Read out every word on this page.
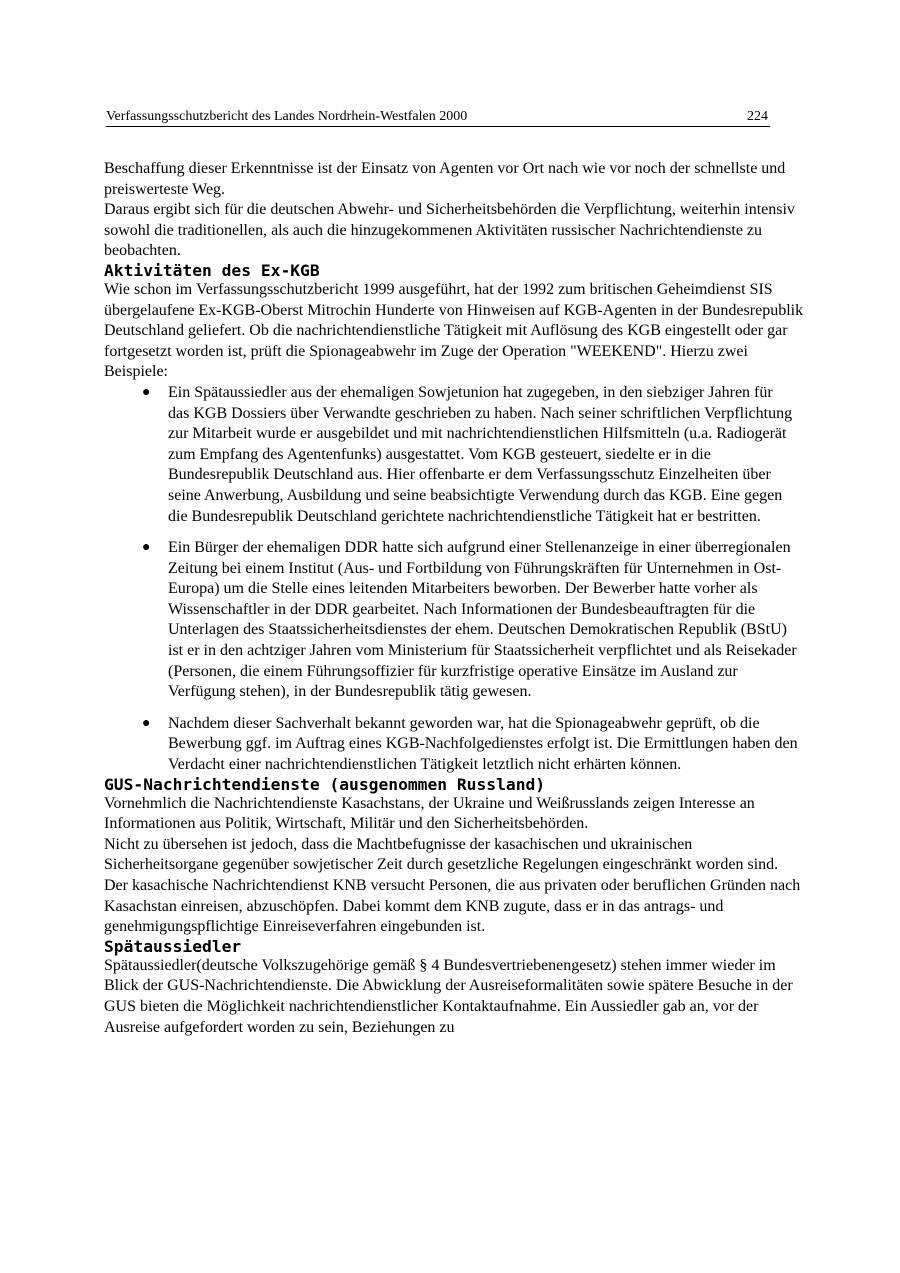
Verfassungsschutzbericht des Landes Nordrhein-Westfalen 2000	224

Beschaffung dieser Erkenntnisse ist der Einsatz von Agenten vor Ort nach wie vor noch der schnellste und preiswerteste Weg.

Daraus ergibt sich für die deutschen Abwehr- und Sicherheitsbehörden die Verpflichtung, weiterhin intensiv sowohl die traditionellen, als auch die hinzugekommenen Aktivitäten russischer Nachrichtendienste zu beobachten.

Aktivitäten des Ex-KGB

Wie schon im Verfassungsschutzbericht 1999 ausgeführt, hat der 1992 zum britischen Geheimdienst SIS übergelaufene Ex-KGB-Oberst Mitrochin Hunderte von Hinweisen auf KGB-Agenten in der Bundesrepublik Deutschland geliefert. Ob die nachrichtendienstliche Tätigkeit mit Auflösung des KGB eingestellt oder gar fortgesetzt worden ist, prüft die Spionageabwehr im Zuge der Operation "WEEKEND". Hierzu zwei Beispiele:

● Ein Spätaussiedler aus der ehemaligen Sowjetunion hat zugegeben, in den siebziger Jahren für das KGB Dossiers über Verwandte geschrieben zu haben. Nach seiner schriftlichen Verpflichtung zur Mitarbeit wurde er ausgebildet und mit nachrichtendienstlichen Hilfsmitteln (u.a. Radiogerät zum Empfang des Agentenfunks) ausgestattet. Vom KGB gesteuert, siedelte er in die Bundesrepublik Deutschland aus. Hier offenbarte er dem Verfassungsschutz Einzelheiten über seine Anwerbung, Ausbildung und seine beabsichtigte Verwendung durch das KGB. Eine gegen die Bundesrepublik Deutschland gerichtete nachrichtendienstliche Tätigkeit hat er bestritten.
● Ein Bürger der ehemaligen DDR hatte sich aufgrund einer Stellenanzeige in einer überregionalen Zeitung bei einem Institut (Aus- und Fortbildung von Führungskräften für Unternehmen in Ost-Europa) um die Stelle eines leitenden Mitarbeiters beworben. Der Bewerber hatte vorher als Wissenschaftler in der DDR gearbeitet. Nach Informationen der Bundesbeauftragten für die Unterlagen des Staatssicherheitsdienstes der ehem. Deutschen Demokratischen Republik (BStU) ist er in den achtziger Jahren vom Ministerium für Staatssicherheit verpflichtet und als Reisekader (Personen, die einem Führungsoffizier für kurzfristige operative Einsätze im Ausland zur Verfügung stehen), in der Bundesrepublik tätig gewesen.
● Nachdem dieser Sachverhalt bekannt geworden war, hat die Spionageabwehr geprüft, ob die Bewerbung ggf. im Auftrag eines KGB-Nachfolgedienstes erfolgt ist. Die Ermittlungen haben den Verdacht einer nachrichtendienstlichen Tätigkeit letztlich nicht erhärten können.
GUS-Nachrichtendienste (ausgenommen Russland)

Vornehmlich die Nachrichtendienste Kasachstans, der Ukraine und Weißrusslands zeigen Interesse an Informationen aus Politik, Wirtschaft, Militär und den Sicherheitsbehörden.

Nicht zu übersehen ist jedoch, dass die Machtbefugnisse der kasachischen und ukrainischen Sicherheitsorgane gegenüber sowjetischer Zeit durch gesetzliche Regelungen eingeschränkt worden sind.

Der kasachische Nachrichtendienst KNB versucht Personen, die aus privaten oder beruflichen Gründen nach Kasachstan einreisen, abzuschöpfen. Dabei kommt dem KNB zugute, dass er in das antrags- und genehmigungspflichtige Einreiseverfahren eingebunden ist.

Spätaussiedler

Spätaussiedler(deutsche Volkszugehörige gemäß § 4 Bundesvertriebenengesetz) stehen immer wieder im Blick der GUS-Nachrichtendienste. Die Abwicklung der Ausreiseformalitäten sowie spätere Besuche in der GUS bieten die Möglichkeit nachrichtendienstlicher Kontaktaufnahme. Ein Aussiedler gab an, vor der Ausreise aufgefordert worden zu sein, Beziehungen zu
